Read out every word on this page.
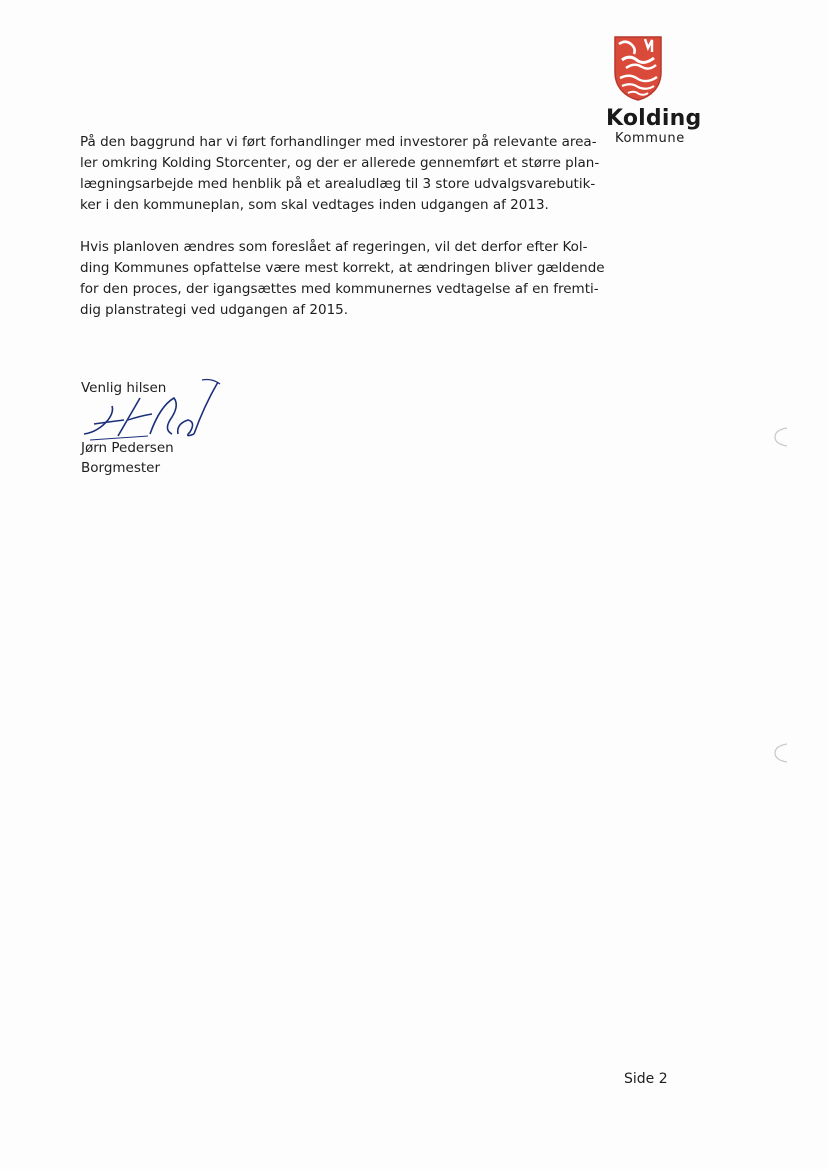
Kolding
Kommune
På den baggrund har vi ført forhandlinger med investorer på relevante area-
ler omkring Kolding Storcenter, og der er allerede gennemført et større plan-
lægningsarbejde med henblik på et arealudlæg til 3 store udvalgsvarebutik-
ker i den kommuneplan, som skal vedtages inden udgangen af 2013.
Hvis planloven ændres som foreslået af regeringen, vil det derfor efter Kol-
ding Kommunes opfattelse være mest korrekt, at ændringen bliver gældende
for den proces, der igangsættes med kommunernes vedtagelse af en fremti-
dig planstrategi ved udgangen af 2015.
Venlig hilsen
Jørn Pedersen
Borgmester
Side 2
